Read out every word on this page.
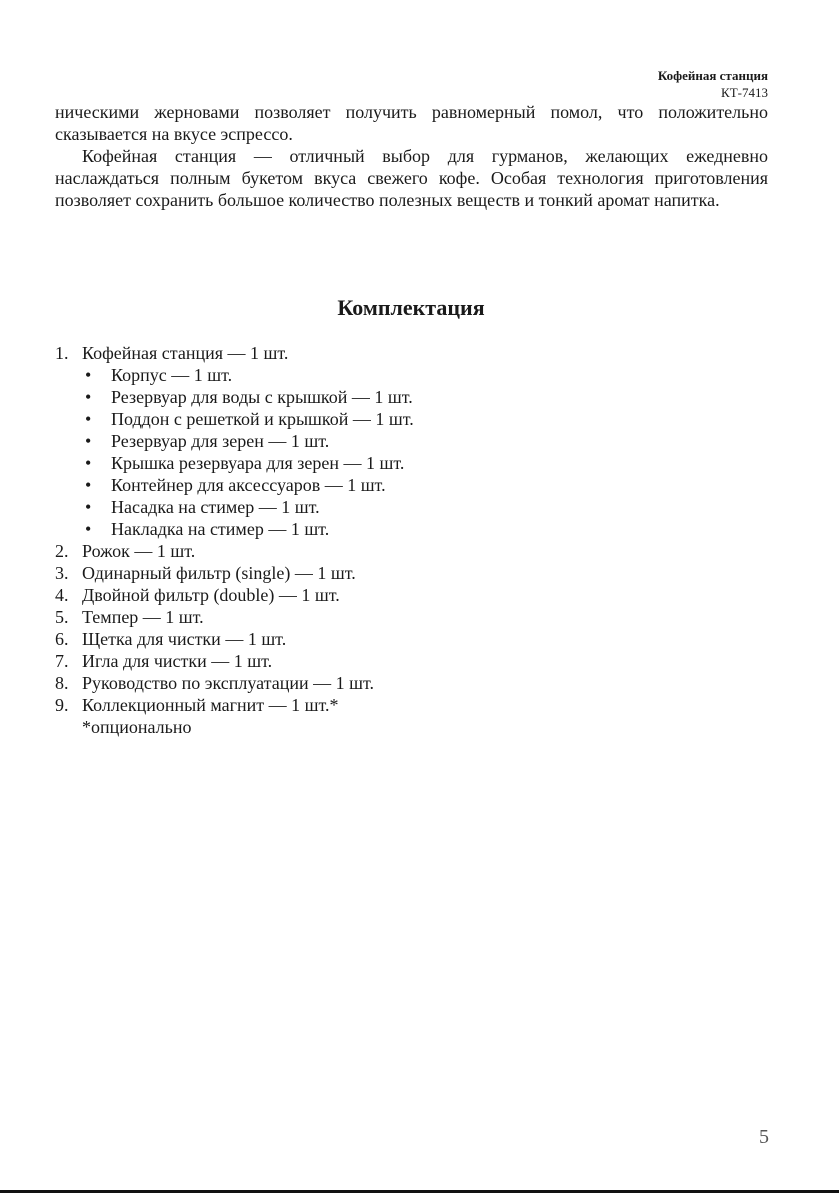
Кофейная станция
КТ-7413

ническими жерновами позволяет получить равномерный помол, что положительно сказывается на вкусе эспрессо.

Кофейная станция — отличный выбор для гурманов, желающих ежедневно наслаждаться полным букетом вкуса свежего кофе. Особая технология приготовления позволяет сохранить большое количество полезных веществ и тонкий аромат напитка.

Комплектация
1. Кофейная станция — 1 шт.
• Корпус — 1 шт.
• Резервуар для воды с крышкой — 1 шт.
• Поддон с решеткой и крышкой — 1 шт.
• Резервуар для зерен — 1 шт.
• Крышка резервуара для зерен — 1 шт.
• Контейнер для аксессуаров — 1 шт.
• Насадка на стимер — 1 шт.
• Накладка на стимер — 1 шт.
2. Рожок — 1 шт.
3. Одинарный фильтр (single) — 1 шт.
4. Двойной фильтр (double) — 1 шт.
5. Темпер — 1 шт.
6. Щетка для чистки — 1 шт.
7. Игла для чистки — 1 шт.
8. Руководство по эксплуатации — 1 шт.
9. Коллекционный магнит — 1 шт.*
*опционально
5
